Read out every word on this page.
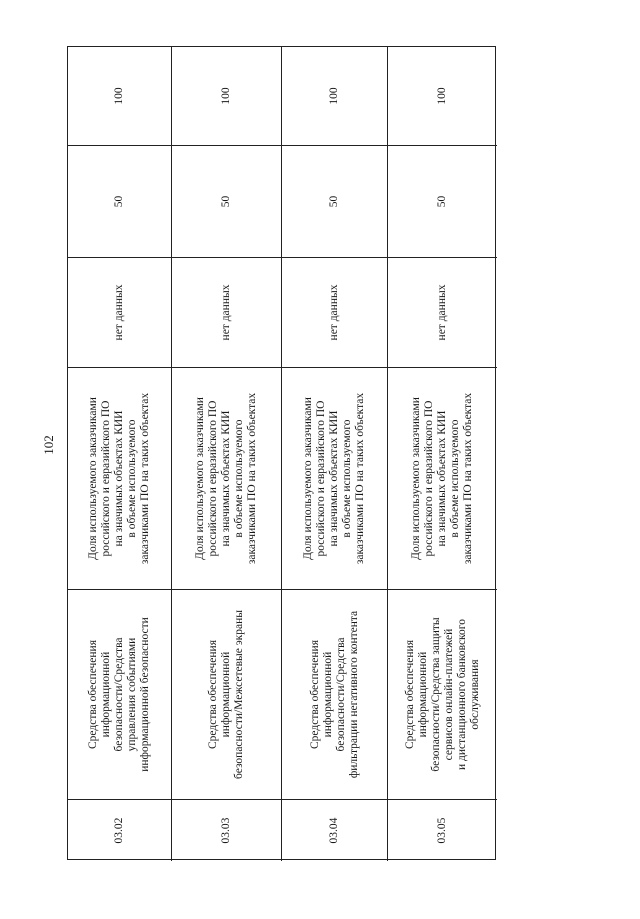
102
03.02
Средства обеспечения
информационной
безопасности/Средства
управления событиями
информационной безопасности
Доля используемого заказчиками
российского и евразийского ПО
на значимых объектах КИИ
в объеме используемого
заказчиками ПО на таких объектах
нет данных
50
100
03.03
Средства обеспечения
информационной
безопасности/Межсетевые экраны
Доля используемого заказчиками
российского и евразийского ПО
на значимых объектах КИИ
в объеме используемого
заказчиками ПО на таких объектах
нет данных
50
100
03.04
Средства обеспечения
информационной
безопасности/Средства
фильтрации негативного контента
Доля используемого заказчиками
российского и евразийского ПО
на значимых объектах КИИ
в объеме используемого
заказчиками ПО на таких объектах
нет данных
50
100
03.05
Средства обеспечения
информационной
безопасности/Средства защиты
сервисов онлайн-платежей
и дистанционного банковского
обслуживания
Доля используемого заказчиками
российского и евразийского ПО
на значимых объектах КИИ
в объеме используемого
заказчиками ПО на таких объектах
нет данных
50
100
